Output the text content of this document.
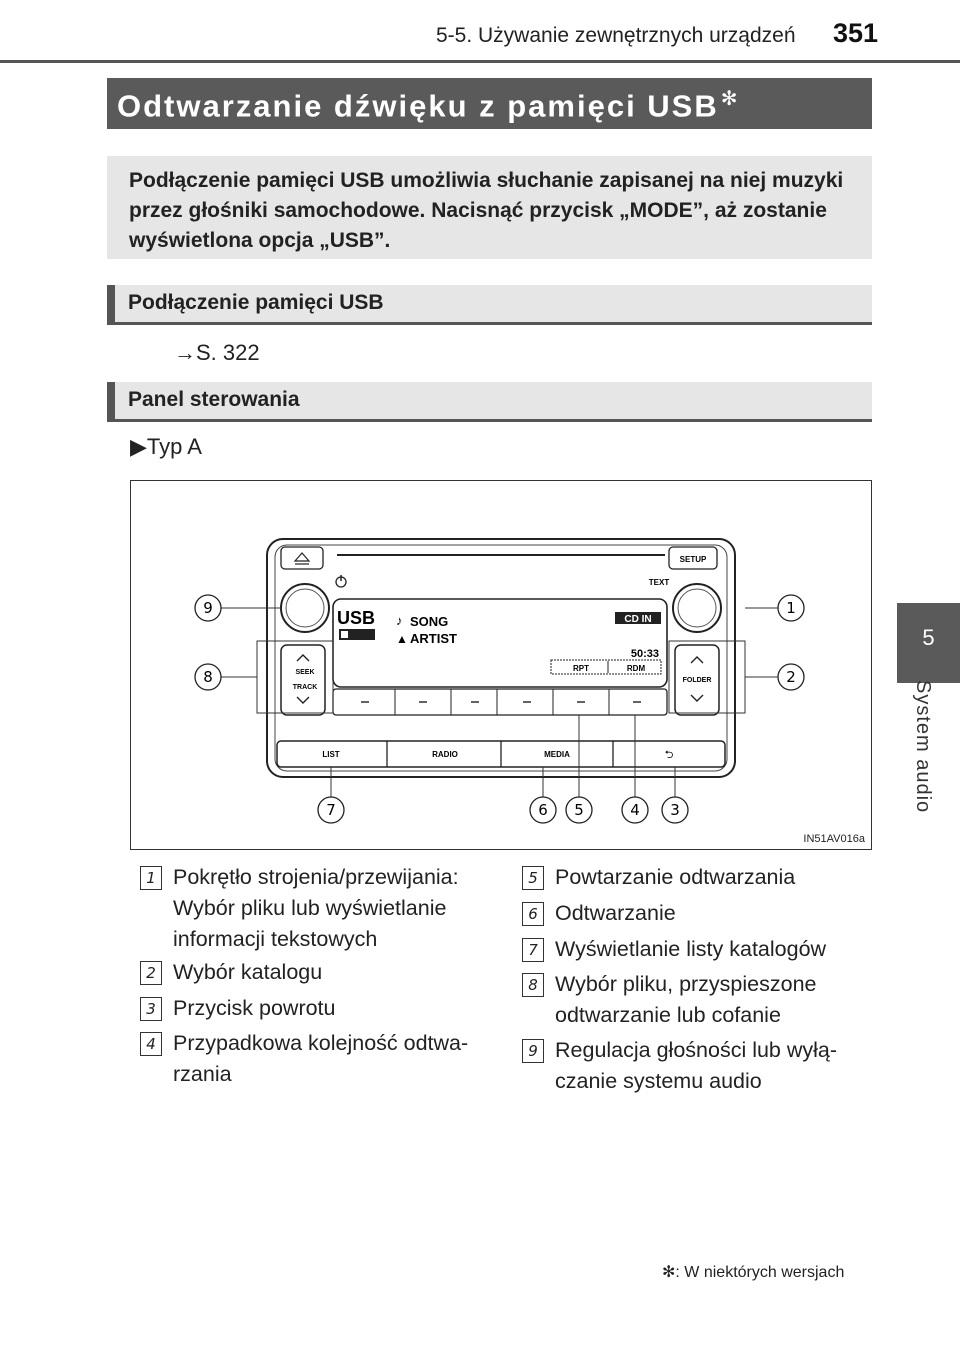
5-5. Używanie zewnętrznych urządzeń 351
5
System audio
Odtwarzanie dźwięku z pamięci USB ✻

Podłączenie pamięci USB umożliwia słuchanie zapisanej na niej muzyki przez głośniki samochodowe. Nacisnąć przycisk „MODE”, aż zostanie wyświetlona opcja „USB”.

Podłączenie pamięci USB
→S. 322
Panel sterowania
▶Typ A
SETUP
TEXT
USB ♪ SONG
▲ ARTIST
CD IN
50:33
RPT	RDM
SEEK
TRACK
FOLDER
LIST	RADIO	MEDIA	⮌
9
8
1
2
7	6 5	4 3
IN51AV016a
1 Pokrętło strojenia/przewijania:
Wybór pliku lub wyświetlanie
informacji tekstowych
2 Wybór katalogu
3 Przycisk powrotu
4 Przypadkowa kolejność odtwa-
rzania
5 Powtarzanie odtwarzania
6 Odtwarzanie
7 Wyświetlanie listy katalogów
8 Wybór pliku, przyspieszone
odtwarzanie lub cofanie
9 Regulacja głośności lub wyłą-
czanie systemu audio
✻: W niektórych wersjach
